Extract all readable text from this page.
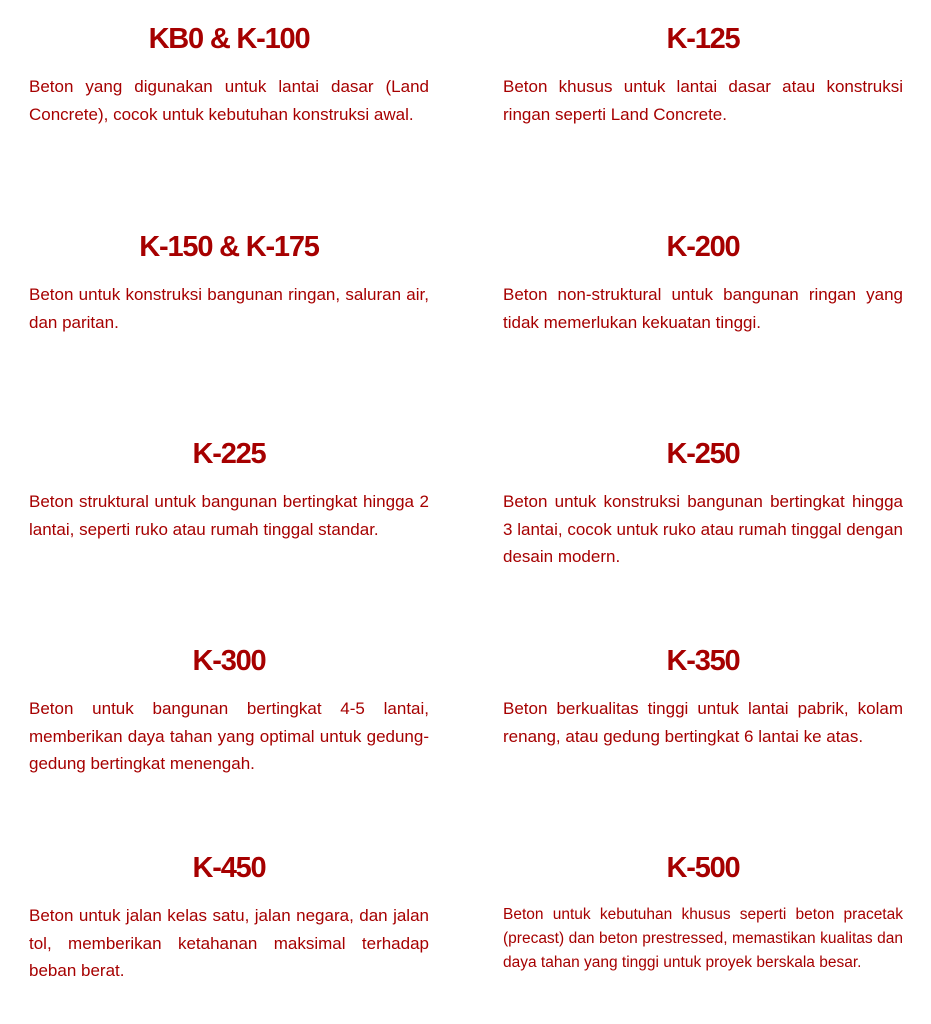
KB0 & K-100

Beton yang digunakan untuk lantai dasar (Land Concrete), cocok untuk kebutuhan konstruksi awal.

K-125

Beton khusus untuk lantai dasar atau konstruksi ringan seperti Land Concrete.

K-150 & K-175

Beton untuk konstruksi bangunan ringan, saluran air, dan paritan.

K-200

Beton non-struktural untuk bangunan ringan yang tidak memerlukan kekuatan tinggi.

K-225

Beton struktural untuk bangunan bertingkat hingga 2 lantai, seperti ruko atau rumah tinggal standar.

K-250

Beton untuk konstruksi bangunan bertingkat hingga 3 lantai, cocok untuk ruko atau rumah tinggal dengan desain modern.

K-300

Beton untuk bangunan bertingkat 4-5 lantai, memberikan daya tahan yang optimal untuk gedung-gedung bertingkat menengah.

K-350

Beton berkualitas tinggi untuk lantai pabrik, kolam renang, atau gedung bertingkat 6 lantai ke atas.

K-450

Beton untuk jalan kelas satu, jalan negara, dan jalan tol, memberikan ketahanan maksimal terhadap beban berat.

K-500

Beton untuk kebutuhan khusus seperti beton pracetak (precast) dan beton prestressed, memastikan kualitas dan daya tahan yang tinggi untuk proyek berskala besar.
